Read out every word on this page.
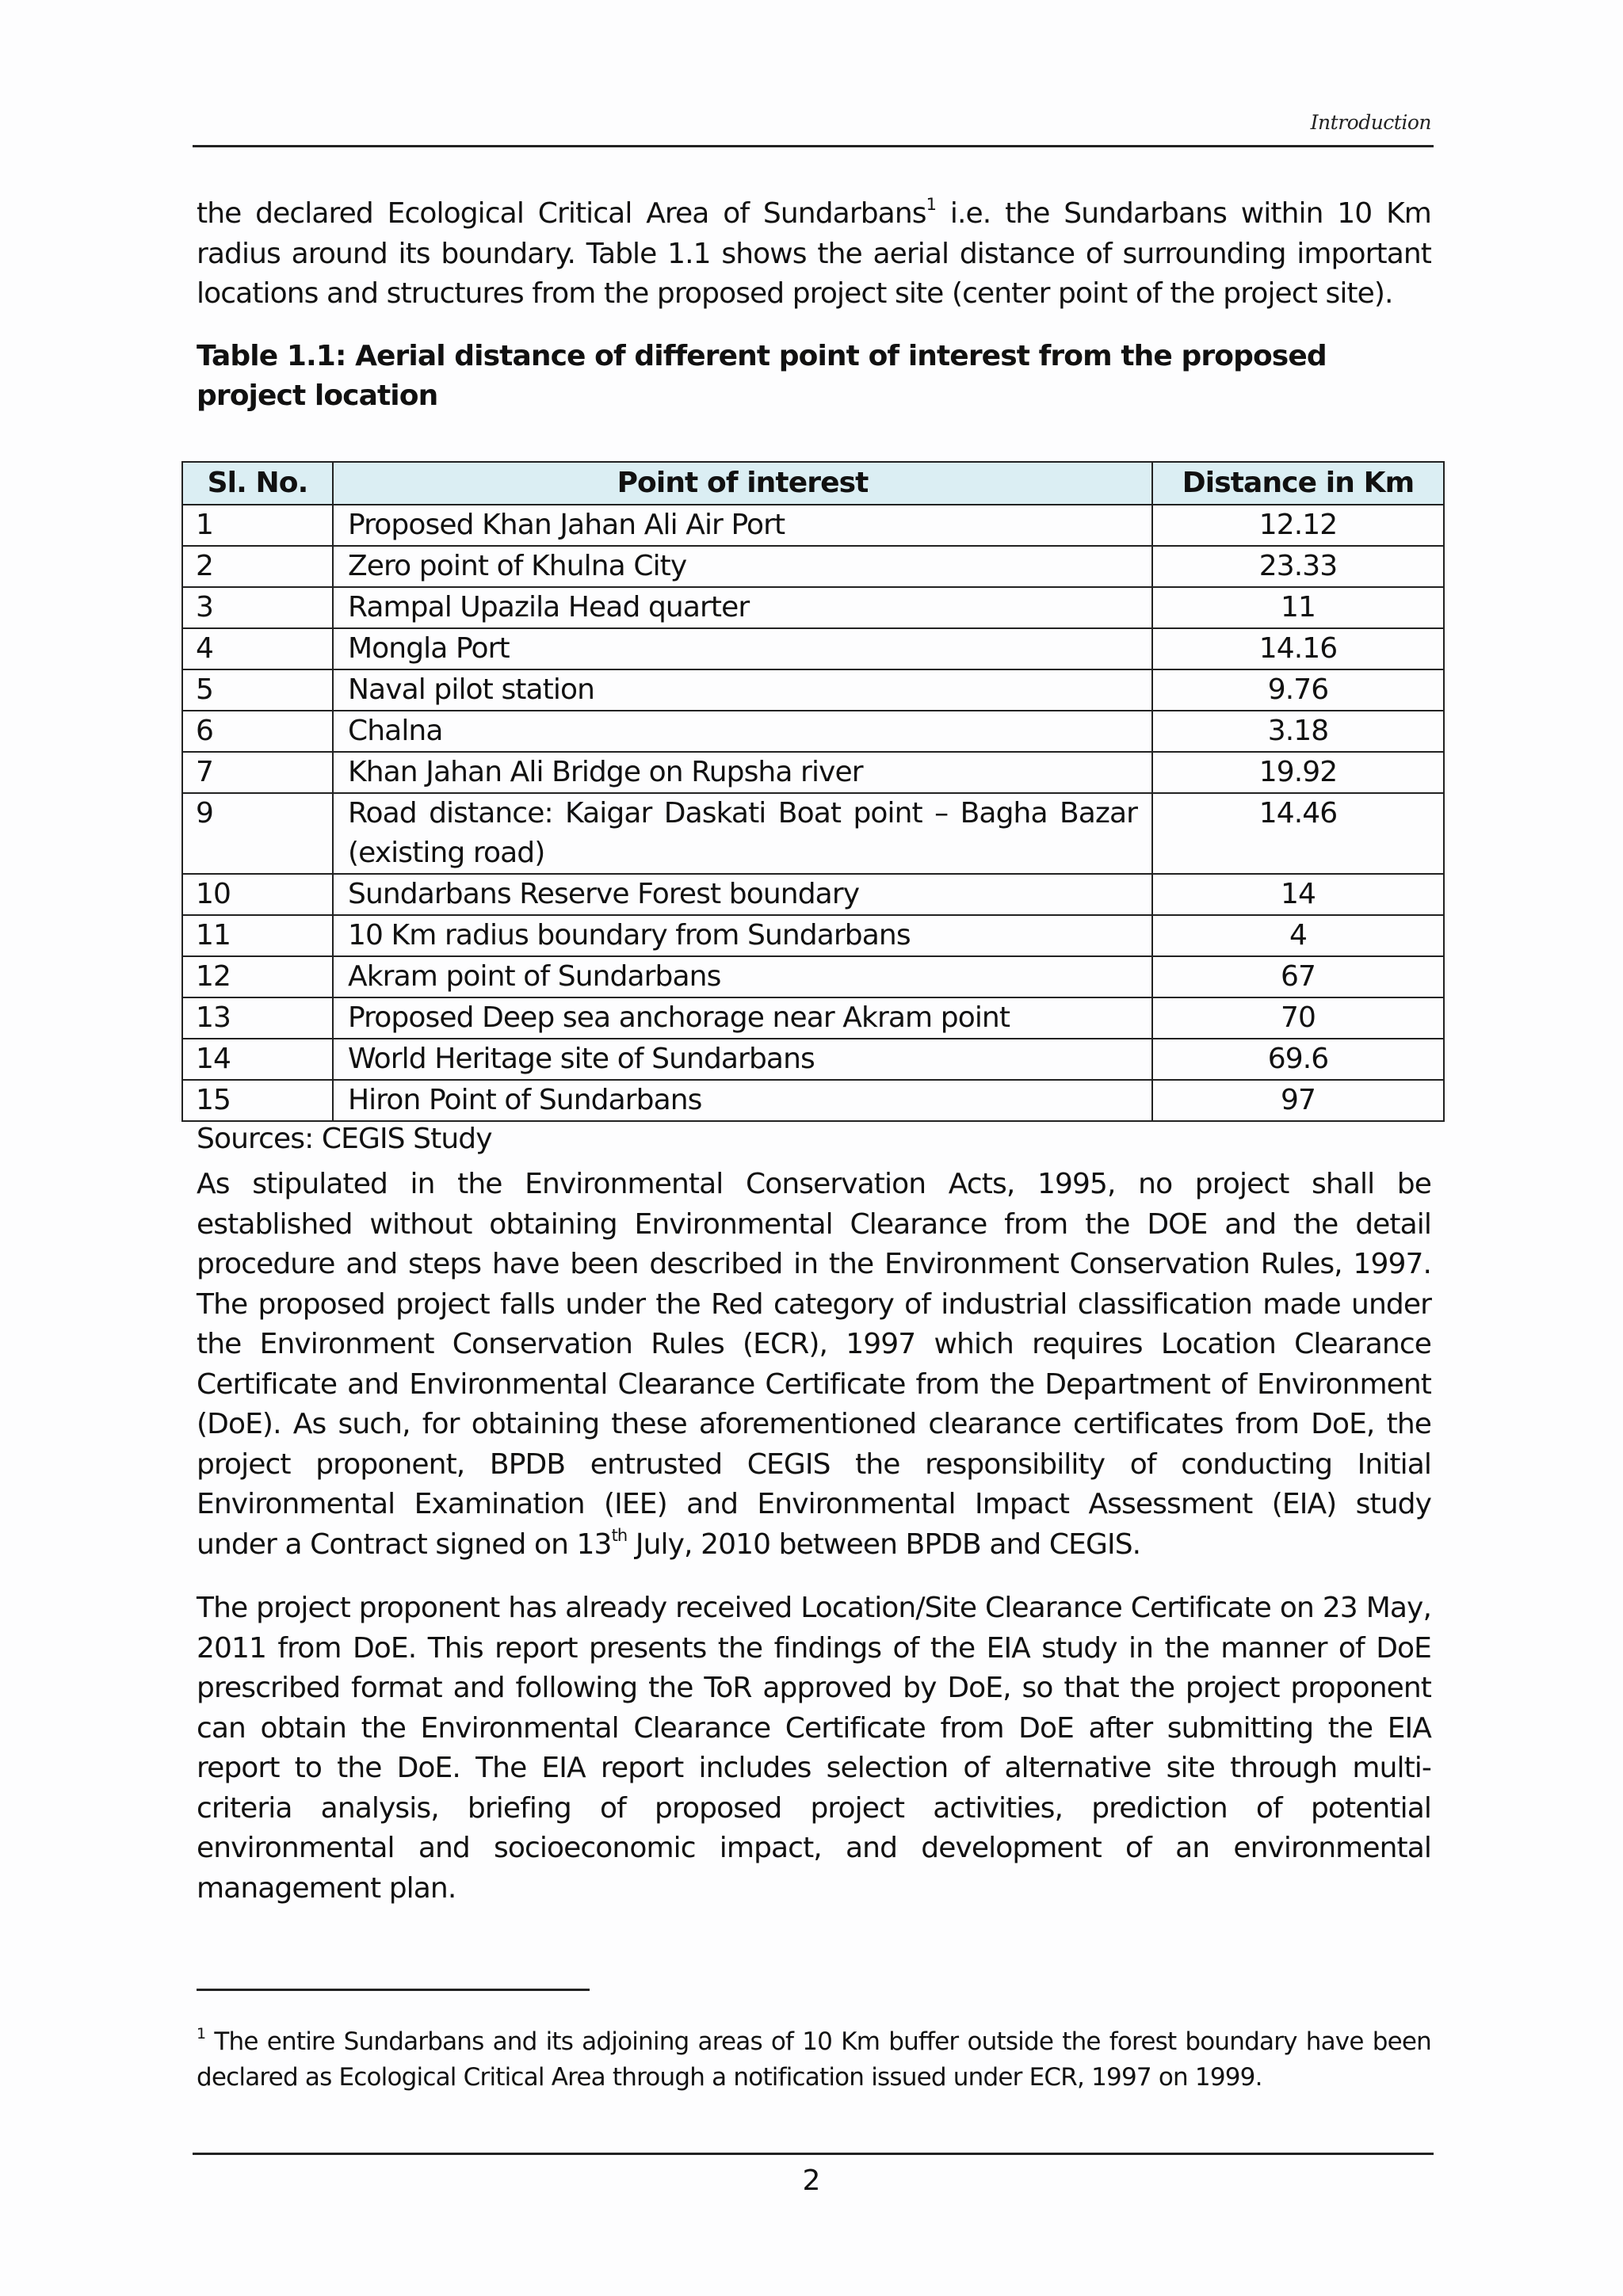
Introduction

the declared Ecological Critical Area of Sundarbans$^1$ i.e. the Sundarbans within 10 Km radius around its boundary. Table 1.1 shows the aerial distance of surrounding important locations and structures from the proposed project site (center point of the project site).

Table 1.1: Aerial distance of different point of interest from the proposed project location
Sl. No.	Point of interest	Distance in Km
1	Proposed Khan Jahan Ali Air Port	12.12
2	Zero point of Khulna City	23.33
3	Rampal Upazila Head quarter	11
4	Mongla Port	14.16
5	Naval pilot station	9.76
6	Chalna	3.18
7	Khan Jahan Ali Bridge on Rupsha river	19.92
9	Road distance: Kaigar Daskati Boat point – Bagha Bazar (existing road)	14.46
10	Sundarbans Reserve Forest boundary	14
11	10 Km radius boundary from Sundarbans	4
12	Akram point of Sundarbans	67
13	Proposed Deep sea anchorage near Akram point	70
14	World Heritage site of Sundarbans	69.6
15	Hiron Point of Sundarbans	97
Sources: CEGIS Study

As stipulated in the Environmental Conservation Acts, 1995, no project shall be established without obtaining Environmental Clearance from the DOE and the detail procedure and steps have been described in the Environment Conservation Rules, 1997. The proposed project falls under the Red category of industrial classification made under the Environment Conservation Rules (ECR), 1997 which requires Location Clearance Certificate and Environmental Clearance Certificate from the Department of Environment (DoE). As such, for obtaining these aforementioned clearance certificates from DoE, the project proponent, BPDB entrusted CEGIS the responsibility of conducting Initial Environmental Examination (IEE) and Environmental Impact Assessment (EIA) study under a Contract signed on 13th July, 2010 between BPDB and CEGIS.

The project proponent has already received Location/Site Clearance Certificate on 23 May, 2011 from DoE. This report presents the findings of the EIA study in the manner of DoE prescribed format and following the ToR approved by DoE, so that the project proponent can obtain the Environmental Clearance Certificate from DoE after submitting the EIA report to the DoE. The EIA report includes selection of alternative site through multi-criteria analysis, briefing of proposed project activities, prediction of potential environmental and socioeconomic impact, and development of an environmental management plan.

$^1$ The entire Sundarbans and its adjoining areas of 10 Km buffer outside the forest boundary have been declared as Ecological Critical Area through a notification issued under ECR, 1997 on 1999.
2
